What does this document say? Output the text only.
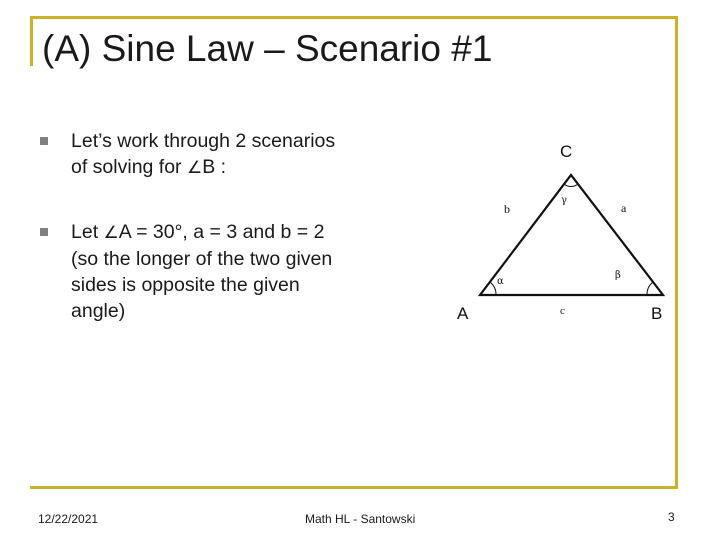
(A) Sine Law – Scenario #1
Let’s work through 2 scenarios
of solving for ∠B :
Let ∠A = 30°, a = 3 and b = 2
(so the longer of the two given
sides is opposite the given
angle)
C
A	B
b	a
c
γ
α
β
12/22/2021	Math HL - Santowski	3
